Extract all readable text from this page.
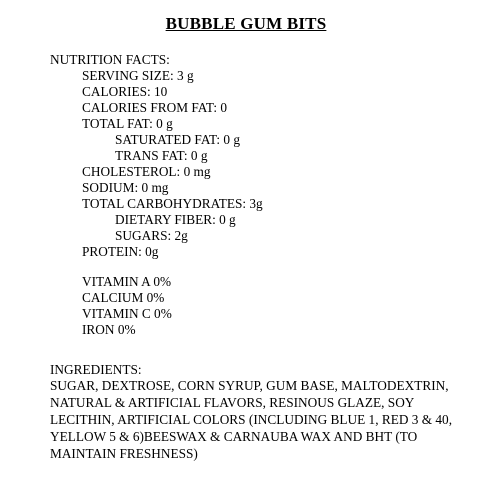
BUBBLE GUM BITS
NUTRITION FACTS:
SERVING SIZE: 3 g
CALORIES: 10
CALORIES FROM FAT: 0
TOTAL FAT: 0 g
SATURATED FAT: 0 g
TRANS FAT: 0 g
CHOLESTEROL: 0 mg
SODIUM: 0 mg
TOTAL CARBOHYDRATES: 3g
DIETARY FIBER: 0 g
SUGARS: 2g
PROTEIN: 0g
VITAMIN A 0%
CALCIUM 0%
VITAMIN C 0%
IRON 0%
INGREDIENTS:
SUGAR, DEXTROSE, CORN SYRUP, GUM BASE, MALTODEXTRIN, NATURAL & ARTIFICIAL FLAVORS, RESINOUS GLAZE, SOY LECITHIN, ARTIFICIAL COLORS (INCLUDING BLUE 1, RED 3 & 40, YELLOW 5 & 6)BEESWAX & CARNAUBA WAX AND BHT (TO MAINTAIN FRESHNESS)
